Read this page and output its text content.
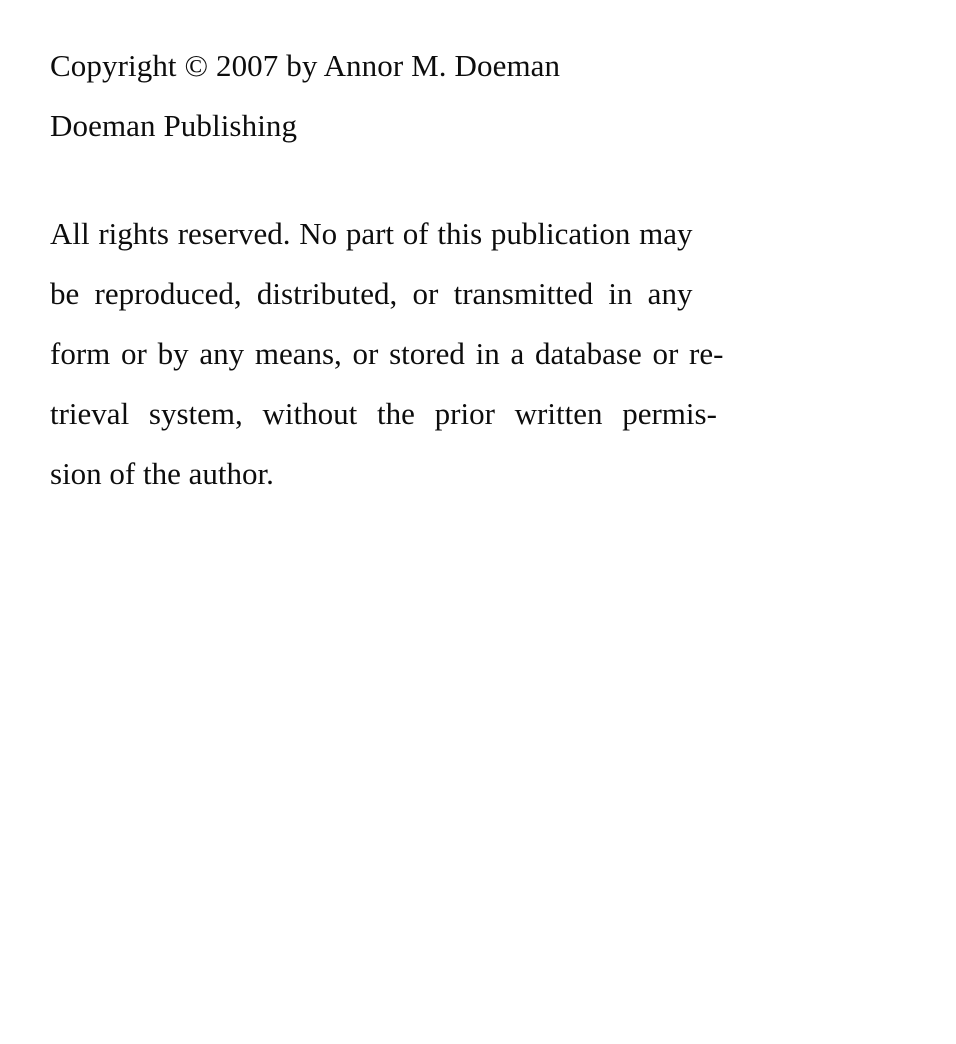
Copyright © 2007 by Annor M. Doeman
Doeman Publishing
All rights reserved. No part of this publication may
be reproduced, distributed, or transmitted in any
form or by any means, or stored in a database or re-
trieval system, without the prior written permis-
sion of the author.
